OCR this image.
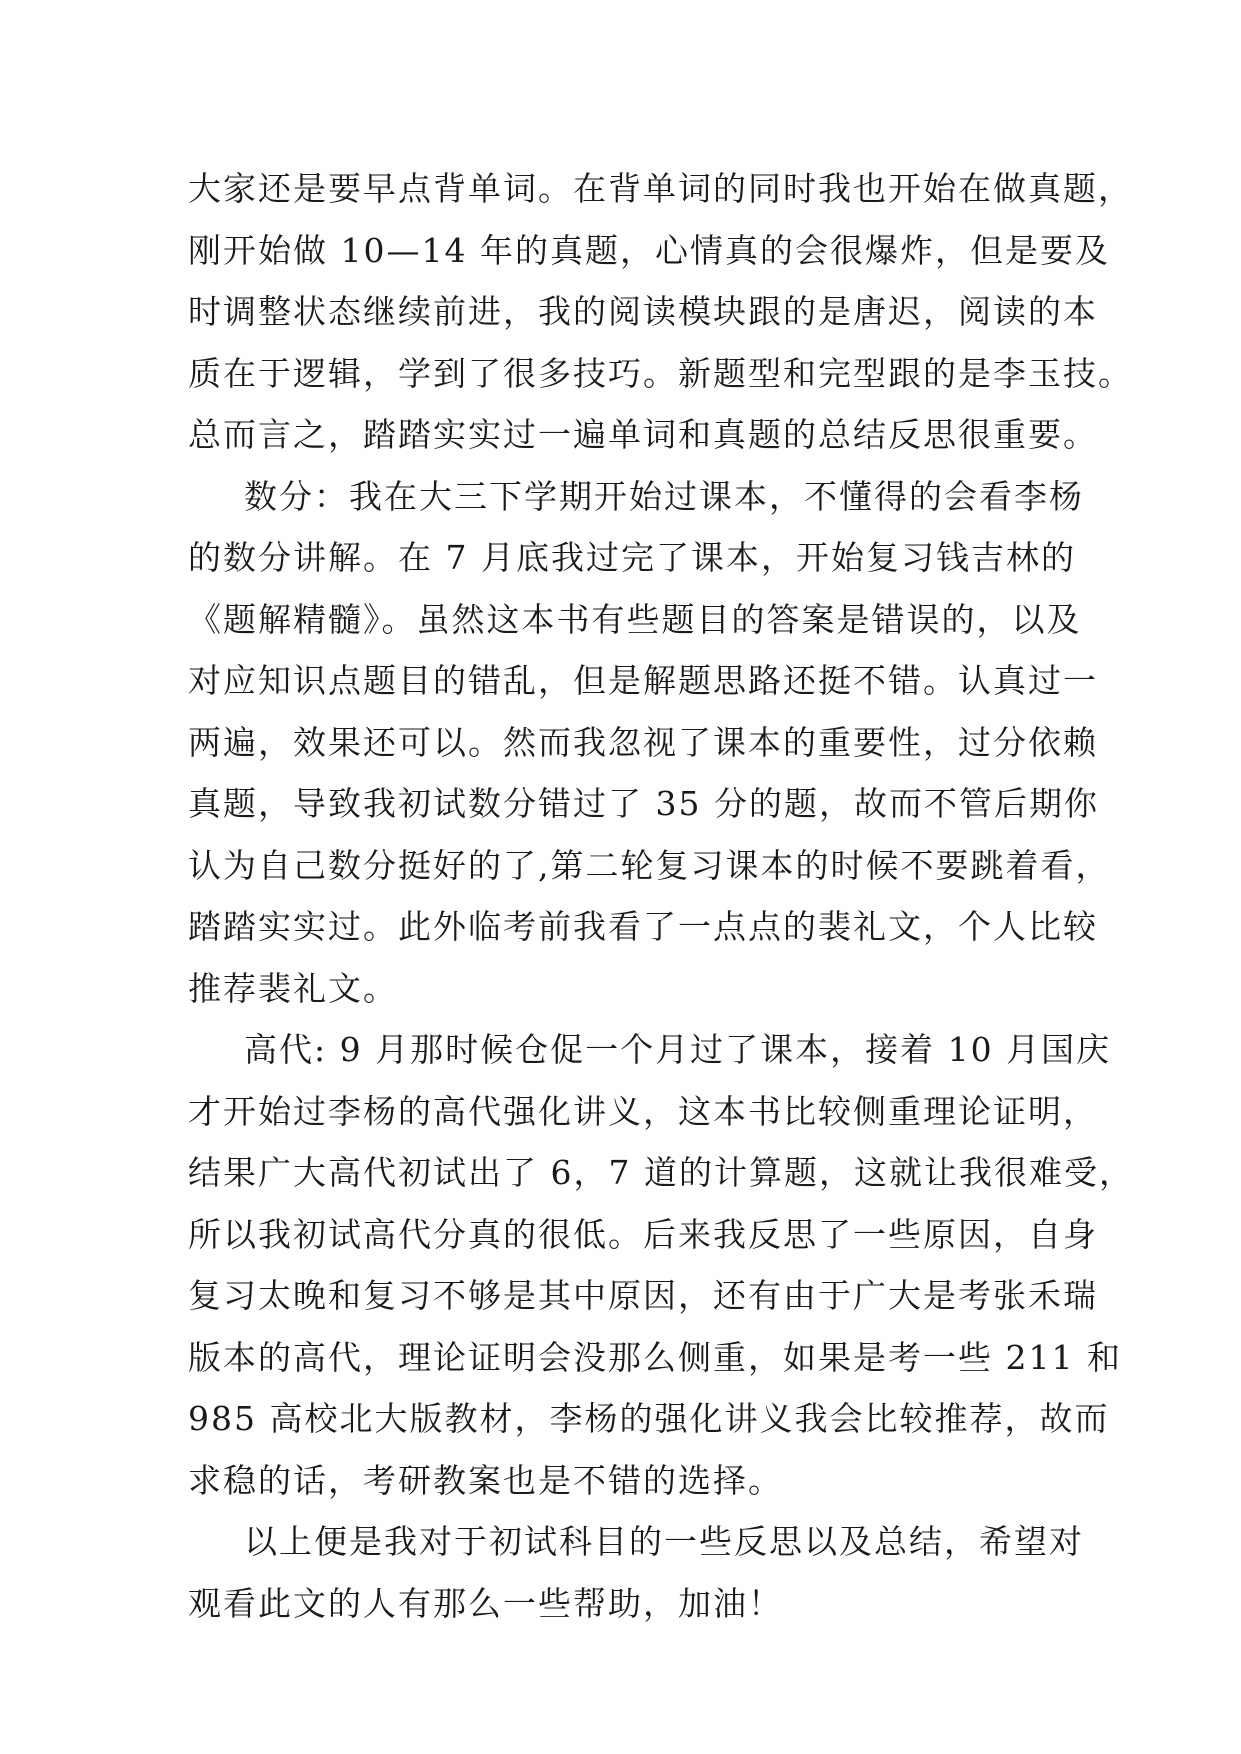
大家还是要早点背单词。在背单词的同时我也开始在做真题，
刚开始做 10—14 年的真题，心情真的会很爆炸，但是要及
时调整状态继续前进，我的阅读模块跟的是唐迟，阅读的本
质在于逻辑，学到了很多技巧。新题型和完型跟的是李玉技。
总而言之，踏踏实实过一遍单词和真题的总结反思很重要。
数分：我在大三下学期开始过课本，不懂得的会看李杨
的数分讲解。在 7 月底我过完了课本，开始复习钱吉林的
《题解精髓》。虽然这本书有些题目的答案是错误的，以及
对应知识点题目的错乱，但是解题思路还挺不错。认真过一
两遍，效果还可以。然而我忽视了课本的重要性，过分依赖
真题，导致我初试数分错过了 35 分的题，故而不管后期你
认为自己数分挺好的了,第二轮复习课本的时候不要跳着看，
踏踏实实过。此外临考前我看了一点点的裴礼文，个人比较
推荐裴礼文。
高代: 9 月那时候仓促一个月过了课本，接着 10 月国庆
才开始过李杨的高代强化讲义，这本书比较侧重理论证明，
结果广大高代初试出了 6，7 道的计算题，这就让我很难受，
所以我初试高代分真的很低。后来我反思了一些原因，自身
复习太晚和复习不够是其中原因，还有由于广大是考张禾瑞
版本的高代，理论证明会没那么侧重，如果是考一些 211 和
985 高校北大版教材，李杨的强化讲义我会比较推荐，故而
求稳的话，考研教案也是不错的选择。
以上便是我对于初试科目的一些反思以及总结，希望对
观看此文的人有那么一些帮助，加油！
